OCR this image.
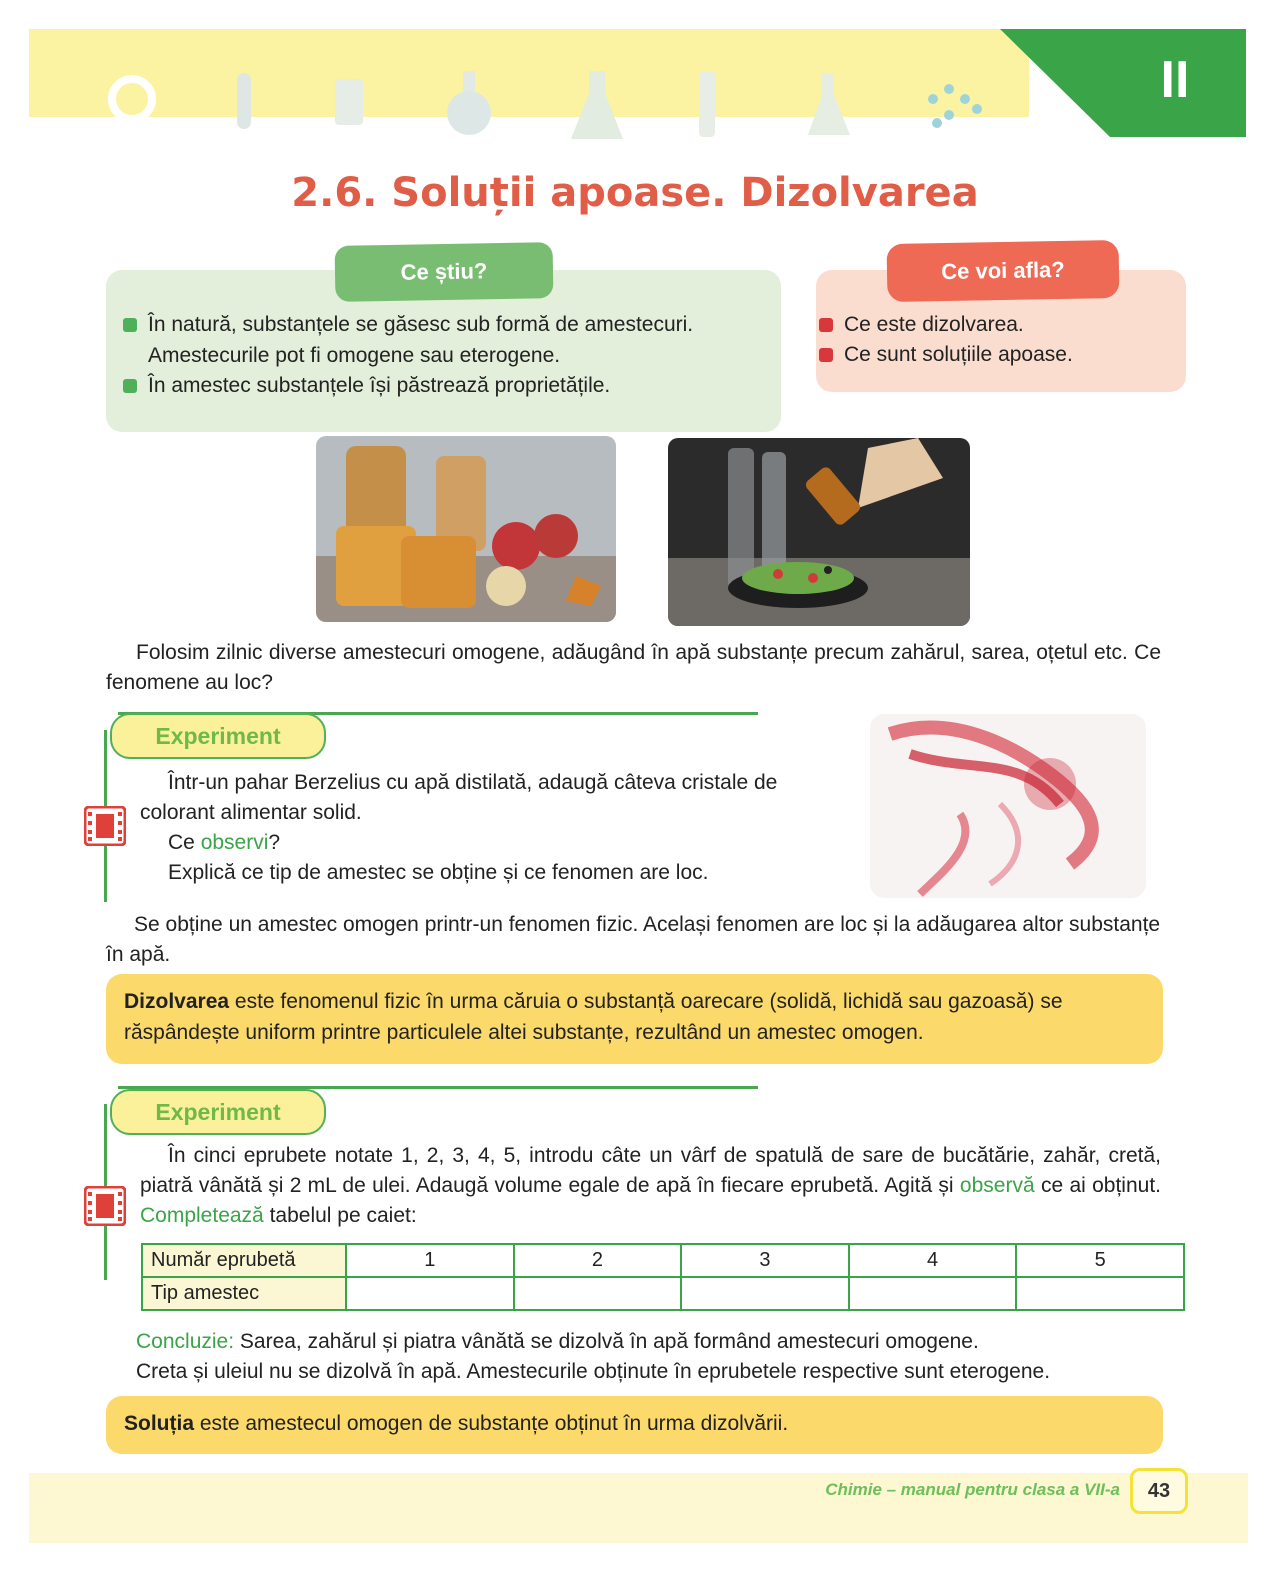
II
2.6. Soluții apoase. Dizolvarea
Ce știu?
În natură, substanțele se găsesc sub formă de amestecuri.
Amestecurile pot fi omogene sau eterogene.
În amestec substanțele își păstrează proprietățile.
Ce voi afla?
Ce este dizolvarea.
Ce sunt soluțiile apoase.
Folosim zilnic diverse amestecuri omogene, adăugând în apă substanțe precum zahărul, sarea, oțetul etc. Ce fenomene au loc?
Experiment
Într-un pahar Berzelius cu apă distilată, adaugă câteva cristale de
colorant alimentar solid.
Ce observi?
Explică ce tip de amestec se obține și ce fenomen are loc.
Se obține un amestec omogen printr-un fenomen fizic. Același fenomen are loc și la adăugarea altor substanțe în apă.
Dizolvarea este fenomenul fizic în urma căruia o substanță oarecare (solidă, lichidă sau gazoasă) se răspândește uniform printre particulele altei substanțe, rezultând un amestec omogen.
Experiment
În cinci eprubete notate 1, 2, 3, 4, 5, introdu câte un vârf de spatulă de sare de bucătărie, zahăr, cretă, piatră vânătă și 2 mL de ulei. Adaugă volume egale de apă în fiecare eprubetă. Agită și observă ce ai obținut. Completează tabelul pe caiet:
Număr eprubetă	1	2	3	4	5
Tip amestec					
Concluzie: Sarea, zahărul și piatra vânătă se dizolvă în apă formând amestecuri omogene.
Creta și uleiul nu se dizolvă în apă. Amestecurile obținute în eprubetele respective sunt eterogene.
Soluția este amestecul omogen de substanțe obținut în urma dizolvării.
Chimie – manual pentru clasa a VII-a	43
